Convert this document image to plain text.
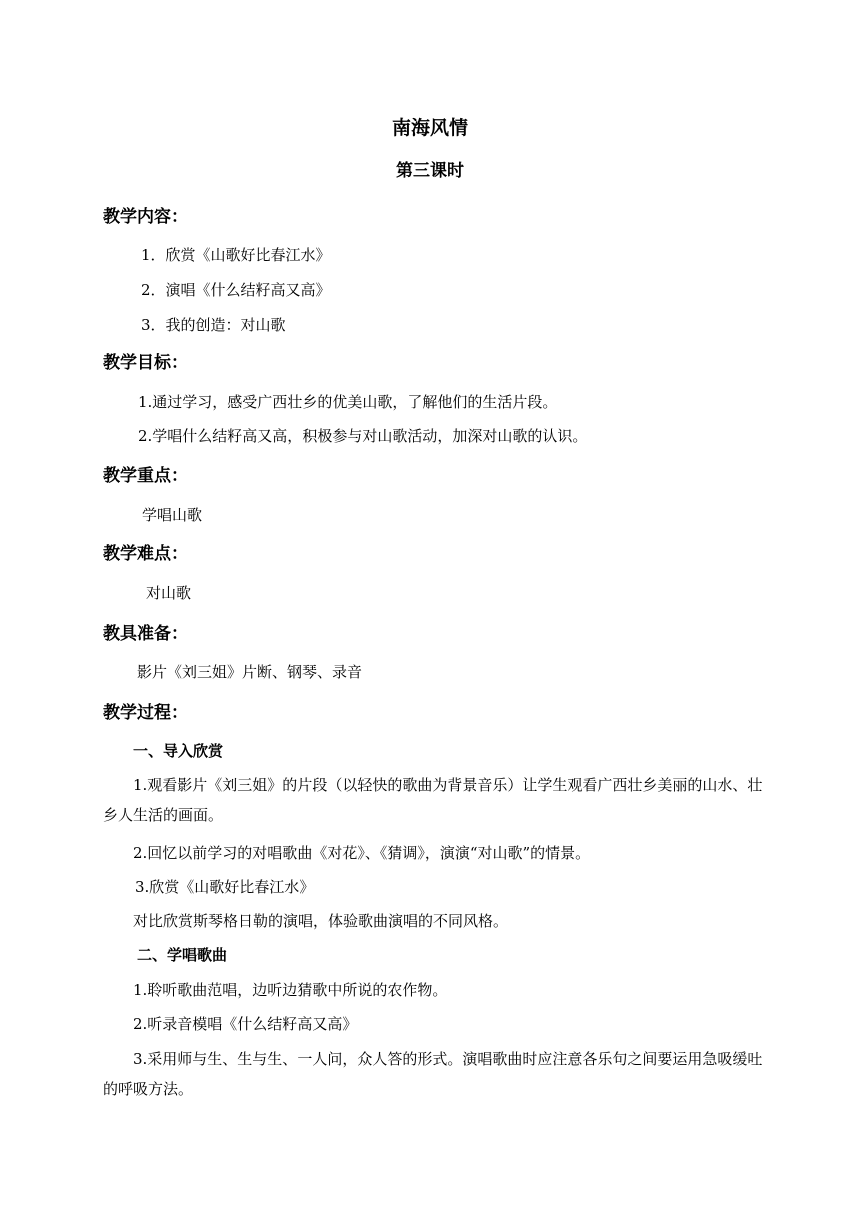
南海风情
第三课时
教学内容：
1．欣赏《山歌好比春江水》
2．演唱《什么结籽高又高》
3．我的创造：对山歌
教学目标：
1.通过学习，感受广西壮乡的优美山歌，了解他们的生活片段。
2.学唱什么结籽高又高，积极参与对山歌活动，加深对山歌的认识。
教学重点：
学唱山歌
教学难点：
对山歌
教具准备：
影片《刘三姐》片断、钢琴、录音
教学过程：
一、导入欣赏
1.观看影片《刘三姐》的片段（以轻快的歌曲为背景音乐）让学生观看广西壮乡美丽的山水、壮乡人生活的画面。
2.回忆以前学习的对唱歌曲《对花》、《猜调》，演演“对山歌”的情景。
3.欣赏《山歌好比春江水》
对比欣赏斯琴格日勒的演唱，体验歌曲演唱的不同风格。
二、学唱歌曲
1.聆听歌曲范唱，边听边猜歌中所说的农作物。
2.听录音模唱《什么结籽高又高》
3.采用师与生、生与生、一人问，众人答的形式。演唱歌曲时应注意各乐句之间要运用急吸缓吐的呼吸方法。
